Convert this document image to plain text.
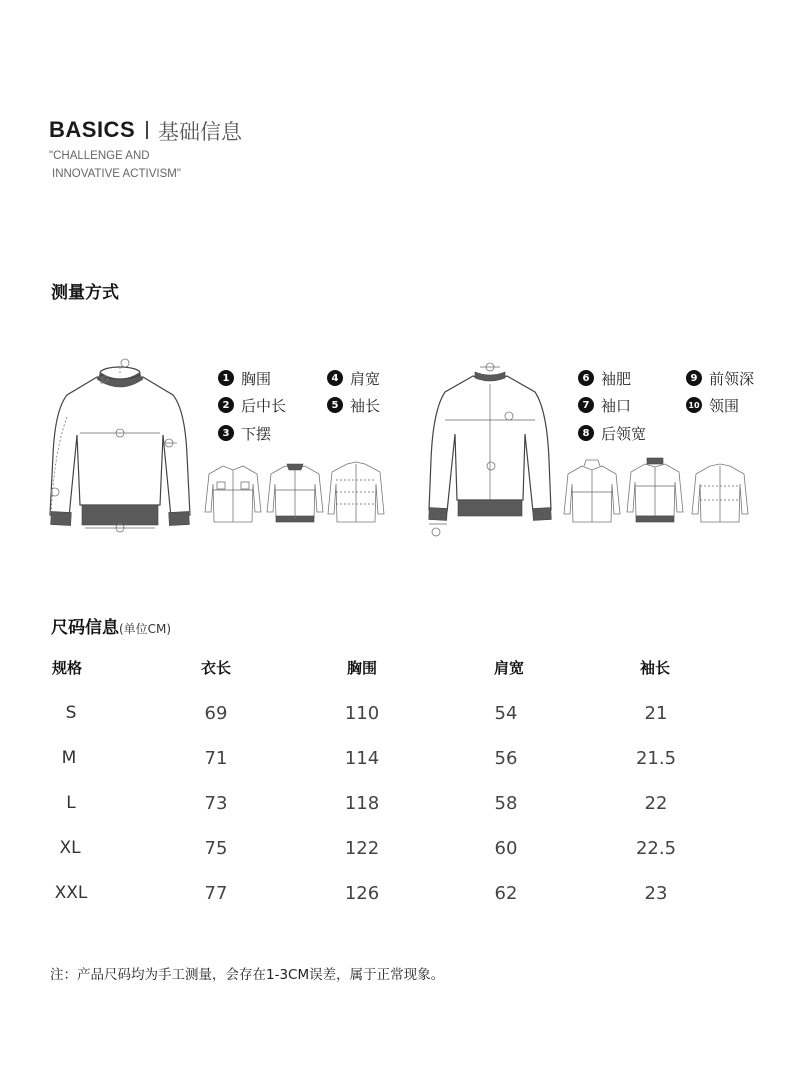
BASICS 基础信息
"CHALLENGE AND
INNOVATIVE ACTIVISM"
测量方式
1 胸围
2 后中长
3 下摆
4 肩宽
5 袖长
6 袖肥
7 袖口
8 后领宽
9 前领深
10 领围
尺码信息(单位CM)
规格	衣长	胸围	肩宽	袖长
S	69	110	54	21
M	71	114	56	21.5
L	73	118	58	22
XL	75	122	60	22.5
XXL	77	126	62	23
注：产品尺码均为手工测量，会存在1-3CM误差，属于正常现象。
